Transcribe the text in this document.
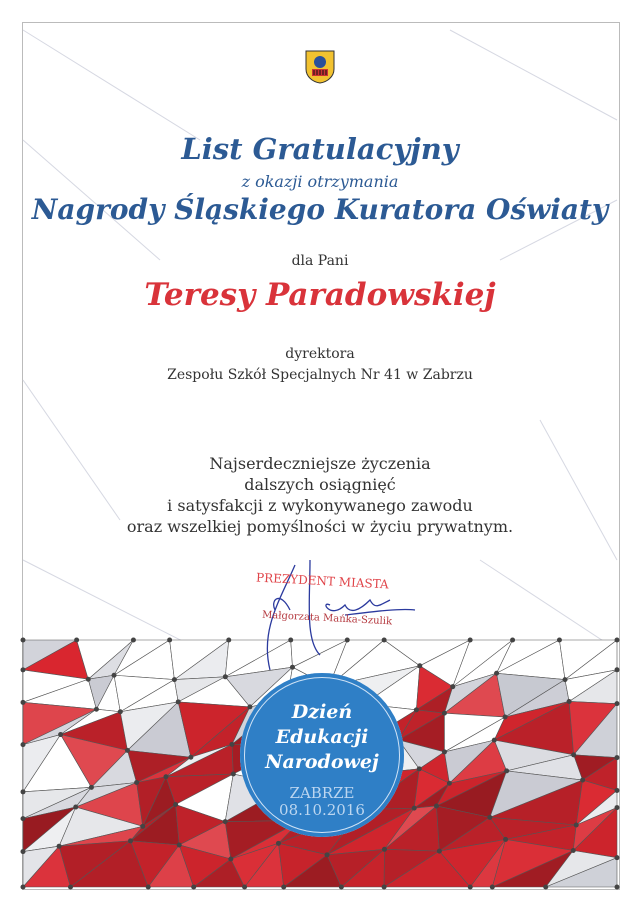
List Gratulacyjny
z okazji otrzymania
Nagrody Śląskiego Kuratora Oświaty
dla Pani
Teresy Paradowskiej
dyrektora
Zespołu Szkół Specjalnych Nr 41 w Zabrzu
Najserdeczniejsze życzenia
dalszych osiągnięć
i satysfakcji z wykonywanego zawodu
oraz wszelkiej pomyślności w życiu prywatnym.
PREZYDENT MIASTA
Małgorzata Mańka-Szulik
Dzień
Edukacji
Narodowej
ZABRZE
08.10.2016
